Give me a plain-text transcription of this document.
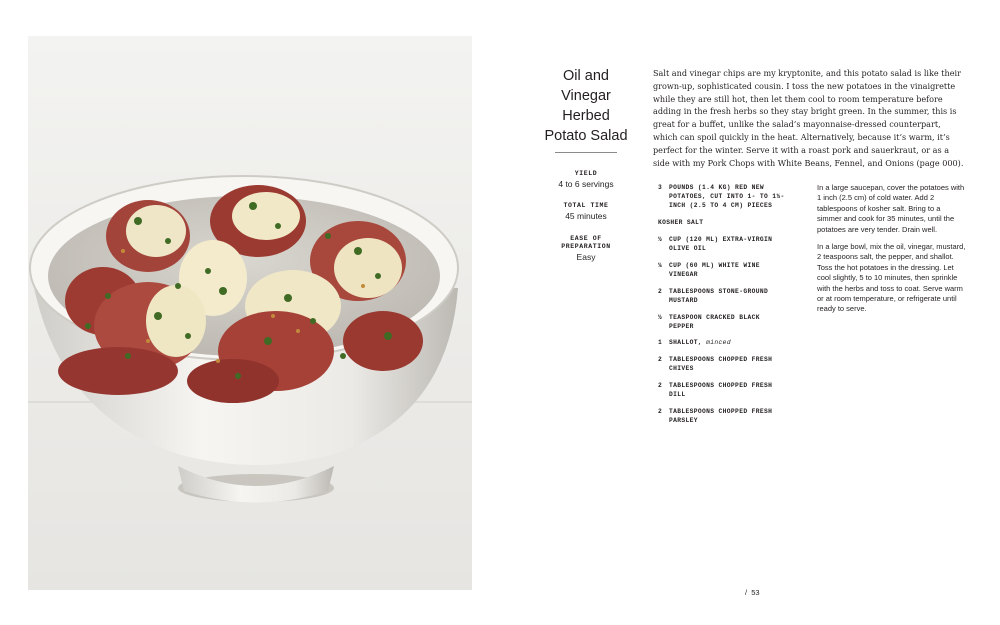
Oil and
Vinegar
Herbed
Potato Salad
YIELD
4 to 6 servings
TOTAL TIME
45 minutes
EASE OF
PREPARATION
Easy

Salt and vinegar chips are my kryptonite, and this potato salad is like their grown-up, sophisticated cousin. I toss the new potatoes in the vinaigrette while they are still hot, then let them cool to room temperature before adding in the fresh herbs so they stay bright green. In the summer, this is great for a buffet, unlike the salad’s mayonnaise-dressed counterpart, which can spoil quickly in the heat. Alternatively, because it’s warm, it’s perfect for the winter. Serve it with a roast pork and sauerkraut, or as a side with my Pork Chops with White Beans, Fennel, and Onions (page 000).

3 POUNDS (1.4 KG) RED NEW POTATOES, CUT INTO 1- TO 1½-INCH (2.5 TO 4 CM) PIECES
KOSHER SALT
½ CUP (120 ML) EXTRA-VIRGIN OLIVE OIL
¼ CUP (60 ML) WHITE WINE VINEGAR
2 TABLESPOONS STONE-GROUND MUSTARD
½ TEASPOON CRACKED BLACK PEPPER
1 SHALLOT, minced
2 TABLESPOONS CHOPPED FRESH CHIVES
2 TABLESPOONS CHOPPED FRESH DILL
2 TABLESPOONS CHOPPED FRESH PARSLEY

In a large saucepan, cover the potatoes with 1 inch (2.5 cm) of cold water. Add 2 tablespoons of kosher salt. Bring to a simmer and cook for 35 minutes, until the potatoes are very tender. Drain well.

In a large bowl, mix the oil, vinegar, mustard, 2 teaspoons salt, the pepper, and shallot. Toss the hot potatoes in the dressing. Let cool slightly, 5 to 10 minutes, then sprinkle with the herbs and toss to coat. Serve warm or at room temperature, or refrigerate until ready to serve.

/ 53
